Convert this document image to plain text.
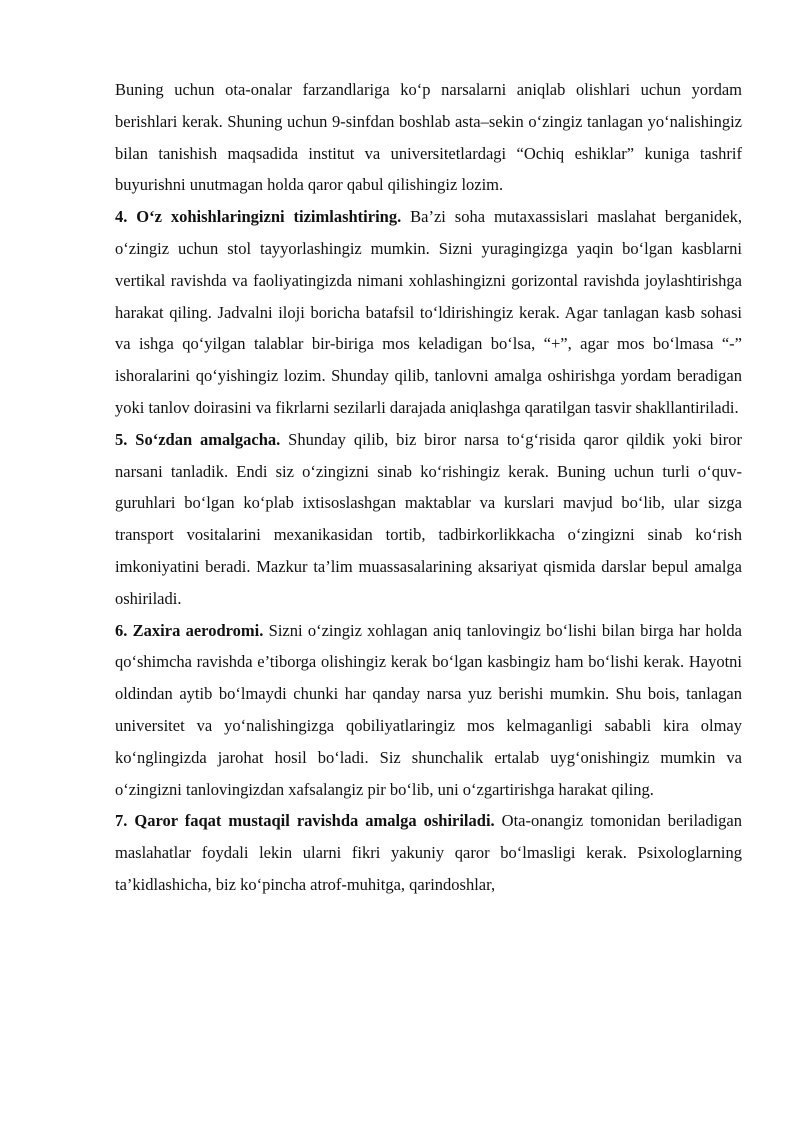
Buning uchun ota-onalar farzandlariga ko‘p narsalarni aniqlab olishlari uchun yordam berishlari kerak. Shuning uchun 9-sinfdan boshlab asta–sekin o‘zingiz tanlagan yo‘nalishingiz bilan tanishish maqsadida institut va universitetlardagi “Ochiq eshiklar” kuniga tashrif buyurishni unutmagan holda qaror qabul qilishingiz lozim.

4. O‘z xohishlaringizni tizimlashtiring. Ba’zi soha mutaxassislari maslahat berganidek, o‘zingiz uchun stol tayyorlashingiz mumkin. Sizni yuragingizga yaqin bo‘lgan kasblarni vertikal ravishda va faoliyatingizda nimani xohlashingizni gorizontal ravishda joylashtirishga harakat qiling. Jadvalni iloji boricha batafsil to‘ldirishingiz kerak. Agar tanlagan kasb sohasi va ishga qo‘yilgan talablar bir-biriga mos keladigan bo‘lsa, “+”, agar mos bo‘lmasa “-” ishoralarini qo‘yishingiz lozim. Shunday qilib, tanlovni amalga oshirishga yordam beradigan yoki tanlov doirasini va fikrlarni sezilarli darajada aniqlashga qaratilgan tasvir shakllantiriladi.

5. So‘zdan amalgacha. Shunday qilib, biz biror narsa to‘g‘risida qaror qildik yoki biror narsani tanladik. Endi siz o‘zingizni sinab ko‘rishingiz kerak. Buning uchun turli o‘quv- guruhlari bo‘lgan ko‘plab ixtisoslashgan maktablar va kurslari mavjud bo‘lib, ular sizga transport vositalarini mexanikasidan tortib, tadbirkorlikkacha o‘zingizni sinab ko‘rish imkoniyatini beradi. Mazkur ta’lim muassasalarining aksariyat qismida darslar bepul amalga oshiriladi.

6. Zaxira aerodromi. Sizni o‘zingiz xohlagan aniq tanlovingiz bo‘lishi bilan birga har holda qo‘shimcha ravishda e’tiborga olishingiz kerak bo‘lgan kasbingiz ham bo‘lishi kerak. Hayotni oldindan aytib bo‘lmaydi chunki har qanday narsa yuz berishi mumkin. Shu bois, tanlagan universitet va yo‘nalishingizga qobiliyatlaringiz mos kelmaganligi sababli kira olmay ko‘nglingizda jarohat hosil bo‘ladi. Siz shunchalik ertalab uyg‘onishingiz mumkin va o‘zingizni tanlovingizdan xafsalangiz pir bo‘lib, uni o‘zgartirishga harakat qiling.

7. Qaror faqat mustaqil ravishda amalga oshiriladi. Ota-onangiz tomonidan beriladigan maslahatlar foydali lekin ularni fikri yakuniy qaror bo‘lmasligi kerak. Psixologlarning ta’kidlashicha, biz ko‘pincha atrof-muhitga, qarindoshlar,
